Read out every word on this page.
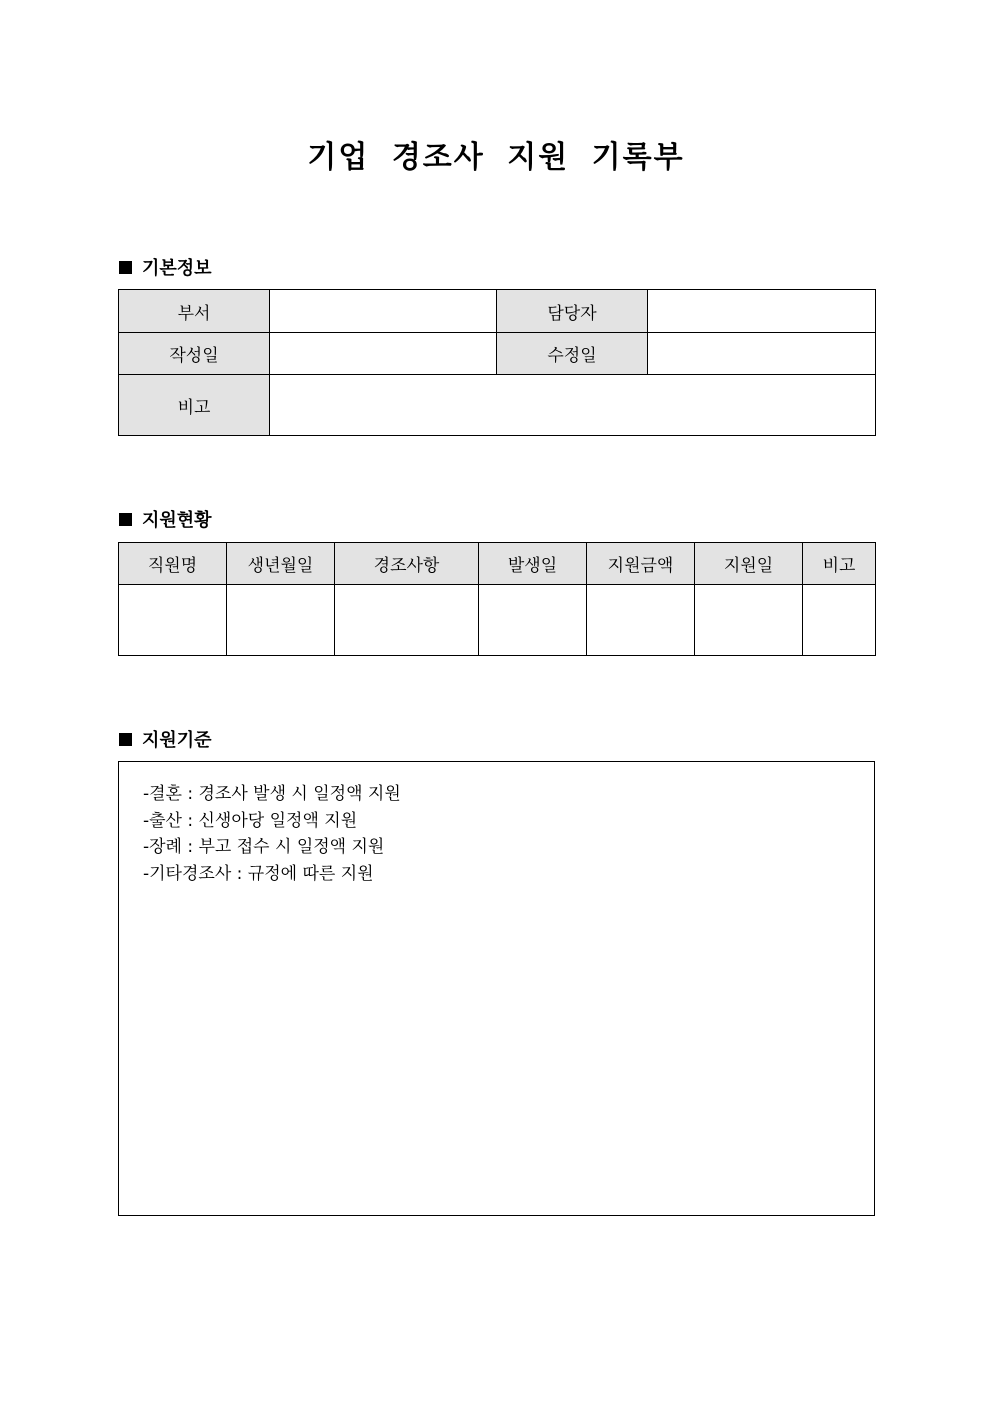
기업 경조사 지원 기록부
기본정보
부서		담당자	
작성일		수정일	
비고			
지원현황
직원명	생년월일	경조사항	발생일	지원금액	지원일	비고

지원기준
-결혼 : 경조사 발생 시 일정액 지원
-출산 : 신생아당 일정액 지원
-장례 : 부고 접수 시 일정액 지원
-기타경조사 : 규정에 따른 지원
